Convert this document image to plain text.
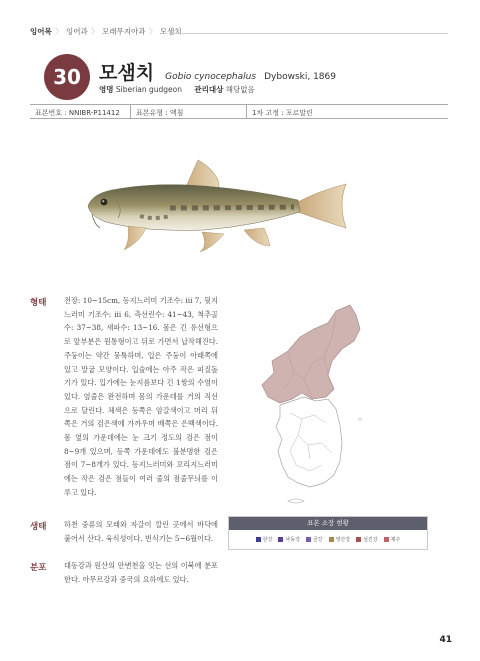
잉어목 〉 잉어과 〉 모래무지아과 〉 모샘치
30 모샘치 Gobio cynocephalus Dybowski, 1869
영명 Siberian gudgeon 관리대상 해당없음
표본번호 : NNIBR-P11412	표본유형 : 액침	1차 고정 : 포르말린
형태 전장: 10~15cm, 등지느러미 기조수: iii 7, 뒷지느러미 기조수: iii 6, 측선린수: 41~43, 척추골수: 37~38, 새파수: 13~16. 몸은 긴 유선형으로 앞부분은 원통형이고 뒤로 가면서 납작해진다. 주둥이는 약간 뭉툭하며, 입은 주둥이 아래쪽에 있고 말굽 모양이다. 입술에는 아주 작은 피질돌기가 있다. 입가에는 눈지름보다 긴 1쌍의 수염이 있다. 옆줄은 완전하며 몸의 가운데를 거의 직선으로 달린다. 체색은 등쪽은 암갈색이고 머리 뒤쪽은 거의 검은색에 가까우며 배쪽은 은백색이다. 몸 옆의 가운데에는 눈 크기 정도의 검은 점이 8~9개 있으며, 등쪽 가운데에도 불분명한 검은 점이 7~8개가 있다. 등지느러미와 꼬리지느러미에는 작은 검은 점들이 여러 줄의 점줄무늬를 이루고 있다.
생태 하천 중류의 모래와 자갈이 깔린 곳에서 바닥에 붙어서 산다. 육식성이다. 번식기는 5~6월이다.
분포 대동강과 원산의 안변천을 잇는 선의 이북에 분포한다. 아무르강과 중국의 요하에도 있다.
표본 소장 현황
한강	낙동강	금강	영산강	섬진강	제주
41
